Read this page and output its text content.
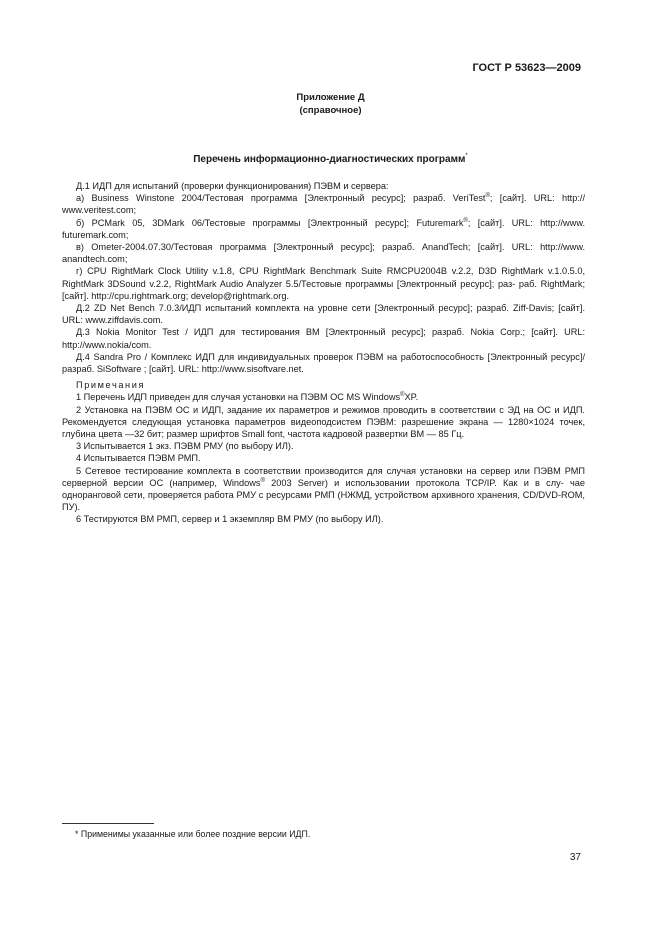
ГОСТ Р 53623—2009
Приложение Д
(справочное)
Перечень информационно-диагностических программ*

Д.1 ИДП для испытаний (проверки функционирования) ПЭВМ и сервера:

а) Business Winstone 2004/Тестовая программа [Электронный ресурс]; разраб. VeriTest®; [сайт]. URL: http:// www.veritest.com;

б) PCMark 05, 3DMark 06/Тестовые программы [Электронный ресурс]; Futuremark®; [сайт]. URL: http://www. futuremark.com;

в) Ometer-2004.07.30/Тестовая программа [Электронный ресурс]; разраб. AnandTech; [сайт]. URL: http://www. anandtech.com;

г) CPU RightMark Clock Utility v.1.8, CPU RightMark Benchmark Suite RMCPU2004B v.2.2, D3D RightMark v.1.0.5.0, RightMark 3DSound v.2.2, RightMark Audio Analyzer 5.5/Тестовые программы [Электронный ресурс]; раз- раб. RightMark; [сайт]. http://cpu.rightmark.org; develop@rightmark.org.

Д.2 ZD Net Bench 7.0.3/ИДП испытаний комплекта на уровне сети [Электронный ресурс]; разраб. Ziff-Davis; [сайт]. URL: www.ziffdavis.com.

Д.3 Nokia Monitor Test / ИДП для тестирования ВМ [Электронный ресурс]; разраб. Nokia Corp.; [сайт]. URL: http://www.nokia/com.

Д.4 Sandra Pro / Комплекс ИДП для индивидуальных проверок ПЭВМ на работоспособность [Электронный ресурс]/разраб. SiSoftware ; [сайт]. URL: http://www.sisoftvare.net.

Примечания

1 Перечень ИДП приведен для случая установки на ПЭВМ ОС MS Windows®XP.

2 Установка на ПЭВМ ОС и ИДП, задание их параметров и режимов проводить в соответствии с ЭД на ОС и ИДП. Рекомендуется следующая установка параметров видеоподсистем ПЭВМ: разрешение экрана — 1280×1024 точек, глубина цвета —32 бит; размер шрифтов Small font, частота кадровой развертки ВМ — 85 Гц.

3 Испытывается 1 экз. ПЭВМ РМУ (по выбору ИЛ).

4 Испытывается ПЭВМ РМП.

5 Сетевое тестирование комплекта в соответствии производится для случая установки на сервер или ПЭВМ РМП серверной версии ОС (например, Windows® 2003 Server) и использовании протокола TCP/IP. Как и в слу- чае одноранговой сети, проверяется работа РМУ с ресурсами РМП (НЖМД, устройством архивного хранения, CD/DVD-ROM, ПУ).

6 Тестируются ВМ РМП, сервер и 1 экземпляр ВМ РМУ (по выбору ИЛ).

* Применимы указанные или более поздние версии ИДП.
37
